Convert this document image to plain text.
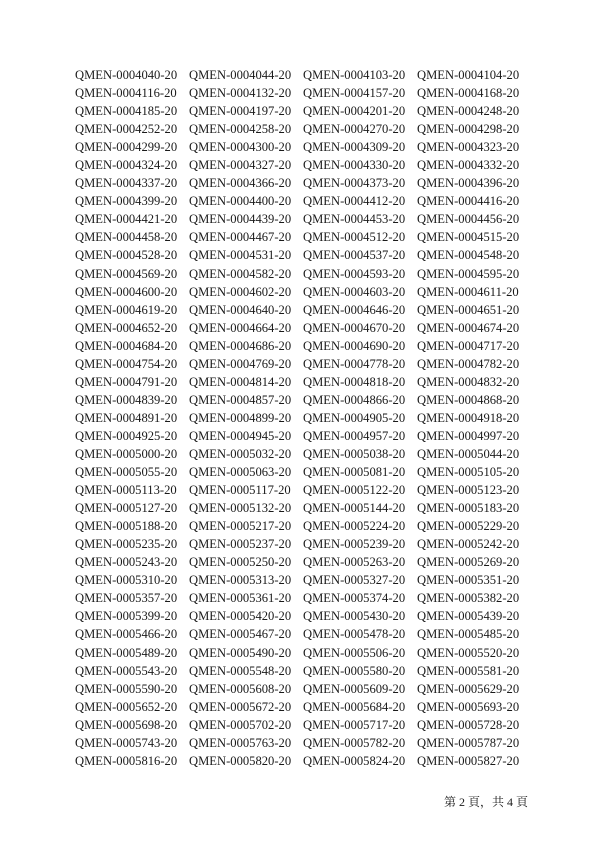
QMEN-0004040-20 QMEN-0004044-20 QMEN-0004103-20 QMEN-0004104-20
QMEN-0004116-20 QMEN-0004132-20 QMEN-0004157-20 QMEN-0004168-20
QMEN-0004185-20 QMEN-0004197-20 QMEN-0004201-20 QMEN-0004248-20
QMEN-0004252-20 QMEN-0004258-20 QMEN-0004270-20 QMEN-0004298-20
QMEN-0004299-20 QMEN-0004300-20 QMEN-0004309-20 QMEN-0004323-20
QMEN-0004324-20 QMEN-0004327-20 QMEN-0004330-20 QMEN-0004332-20
QMEN-0004337-20 QMEN-0004366-20 QMEN-0004373-20 QMEN-0004396-20
QMEN-0004399-20 QMEN-0004400-20 QMEN-0004412-20 QMEN-0004416-20
QMEN-0004421-20 QMEN-0004439-20 QMEN-0004453-20 QMEN-0004456-20
QMEN-0004458-20 QMEN-0004467-20 QMEN-0004512-20 QMEN-0004515-20
QMEN-0004528-20 QMEN-0004531-20 QMEN-0004537-20 QMEN-0004548-20
QMEN-0004569-20 QMEN-0004582-20 QMEN-0004593-20 QMEN-0004595-20
QMEN-0004600-20 QMEN-0004602-20 QMEN-0004603-20 QMEN-0004611-20
QMEN-0004619-20 QMEN-0004640-20 QMEN-0004646-20 QMEN-0004651-20
QMEN-0004652-20 QMEN-0004664-20 QMEN-0004670-20 QMEN-0004674-20
QMEN-0004684-20 QMEN-0004686-20 QMEN-0004690-20 QMEN-0004717-20
QMEN-0004754-20 QMEN-0004769-20 QMEN-0004778-20 QMEN-0004782-20
QMEN-0004791-20 QMEN-0004814-20 QMEN-0004818-20 QMEN-0004832-20
QMEN-0004839-20 QMEN-0004857-20 QMEN-0004866-20 QMEN-0004868-20
QMEN-0004891-20 QMEN-0004899-20 QMEN-0004905-20 QMEN-0004918-20
QMEN-0004925-20 QMEN-0004945-20 QMEN-0004957-20 QMEN-0004997-20
QMEN-0005000-20 QMEN-0005032-20 QMEN-0005038-20 QMEN-0005044-20
QMEN-0005055-20 QMEN-0005063-20 QMEN-0005081-20 QMEN-0005105-20
QMEN-0005113-20 QMEN-0005117-20 QMEN-0005122-20 QMEN-0005123-20
QMEN-0005127-20 QMEN-0005132-20 QMEN-0005144-20 QMEN-0005183-20
QMEN-0005188-20 QMEN-0005217-20 QMEN-0005224-20 QMEN-0005229-20
QMEN-0005235-20 QMEN-0005237-20 QMEN-0005239-20 QMEN-0005242-20
QMEN-0005243-20 QMEN-0005250-20 QMEN-0005263-20 QMEN-0005269-20
QMEN-0005310-20 QMEN-0005313-20 QMEN-0005327-20 QMEN-0005351-20
QMEN-0005357-20 QMEN-0005361-20 QMEN-0005374-20 QMEN-0005382-20
QMEN-0005399-20 QMEN-0005420-20 QMEN-0005430-20 QMEN-0005439-20
QMEN-0005466-20 QMEN-0005467-20 QMEN-0005478-20 QMEN-0005485-20
QMEN-0005489-20 QMEN-0005490-20 QMEN-0005506-20 QMEN-0005520-20
QMEN-0005543-20 QMEN-0005548-20 QMEN-0005580-20 QMEN-0005581-20
QMEN-0005590-20 QMEN-0005608-20 QMEN-0005609-20 QMEN-0005629-20
QMEN-0005652-20 QMEN-0005672-20 QMEN-0005684-20 QMEN-0005693-20
QMEN-0005698-20 QMEN-0005702-20 QMEN-0005717-20 QMEN-0005728-20
QMEN-0005743-20 QMEN-0005763-20 QMEN-0005782-20 QMEN-0005787-20
QMEN-0005816-20 QMEN-0005820-20 QMEN-0005824-20 QMEN-0005827-20
第 2 頁，共 4 頁
